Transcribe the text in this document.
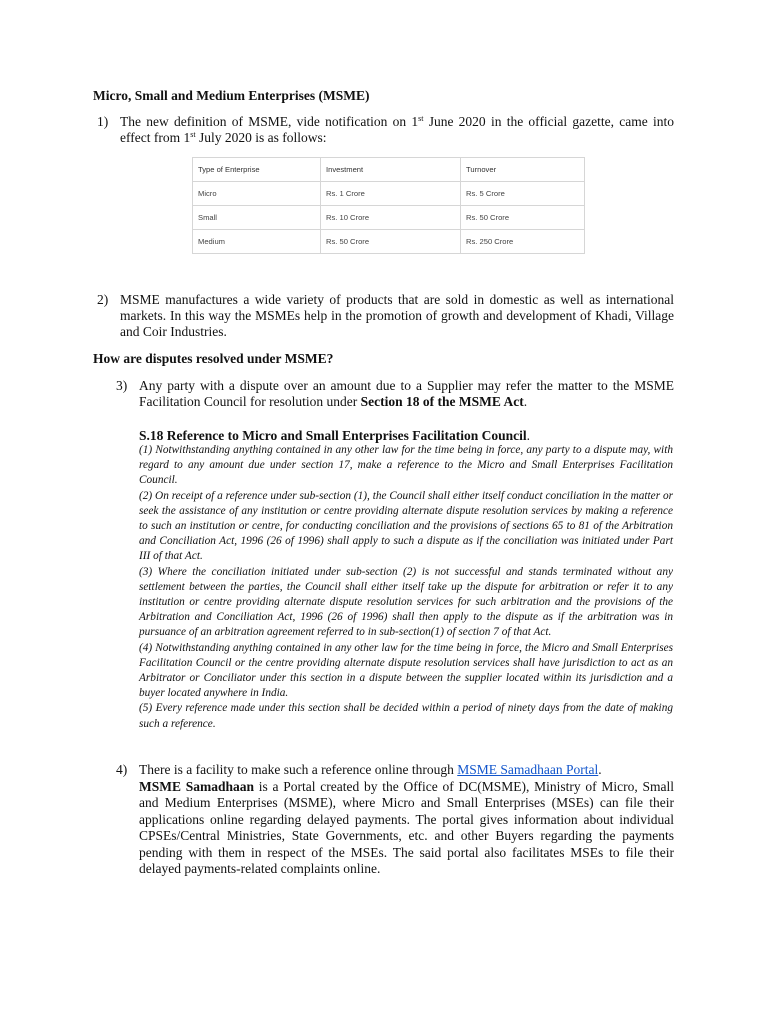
Micro, Small and Medium Enterprises (MSME)
1) The new definition of MSME, vide notification on 1st June 2020 in the official gazette, came into effect from 1st July 2020 is as follows:
Type of Enterprise	Investment	Turnover
Micro	Rs. 1 Crore	Rs. 5 Crore
Small	Rs. 10 Crore	Rs. 50 Crore
Medium	Rs. 50 Crore	Rs. 250 Crore
2) MSME manufactures a wide variety of products that are sold in domestic as well as international markets. In this way the MSMEs help in the promotion of growth and development of Khadi, Village and Coir Industries.
How are disputes resolved under MSME?
3) Any party with a dispute over an amount due to a Supplier may refer the matter to the MSME Facilitation Council for resolution under Section 18 of the MSME Act.
S.18 Reference to Micro and Small Enterprises Facilitation Council.

(1) Notwithstanding anything contained in any other law for the time being in force, any party to a dispute may, with regard to any amount due under section 17, make a reference to the Micro and Small Enterprises Facilitation Council.

(2) On receipt of a reference under sub-section (1), the Council shall either itself conduct conciliation in the matter or seek the assistance of any institution or centre providing alternate dispute resolution services by making a reference to such an institution or centre, for conducting conciliation and the provisions of sections 65 to 81 of the Arbitration and Conciliation Act, 1996 (26 of 1996) shall apply to such a dispute as if the conciliation was initiated under Part III of that Act.

(3) Where the conciliation initiated under sub-section (2) is not successful and stands terminated without any settlement between the parties, the Council shall either itself take up the dispute for arbitration or refer it to any institution or centre providing alternate dispute resolution services for such arbitration and the provisions of the Arbitration and Conciliation Act, 1996 (26 of 1996) shall then apply to the dispute as if the arbitration was in pursuance of an arbitration agreement referred to in sub-section(1) of section 7 of that Act.

(4) Notwithstanding anything contained in any other law for the time being in force, the Micro and Small Enterprises Facilitation Council or the centre providing alternate dispute resolution services shall have jurisdiction to act as an Arbitrator or Conciliator under this section in a dispute between the supplier located within its jurisdiction and a buyer located anywhere in India.

(5) Every reference made under this section shall be decided within a period of ninety days from the date of making such a reference.

4) There is a facility to make such a reference online through MSME Samadhaan Portal.
MSME Samadhaan is a Portal created by the Office of DC(MSME), Ministry of Micro, Small and Medium Enterprises (MSME), where Micro and Small Enterprises (MSEs) can file their applications online regarding delayed payments. The portal gives information about individual CPSEs/Central Ministries, State Governments, etc. and other Buyers regarding the payments pending with them in respect of the MSEs. The said portal also facilitates MSEs to file their delayed payments-related complaints online.
